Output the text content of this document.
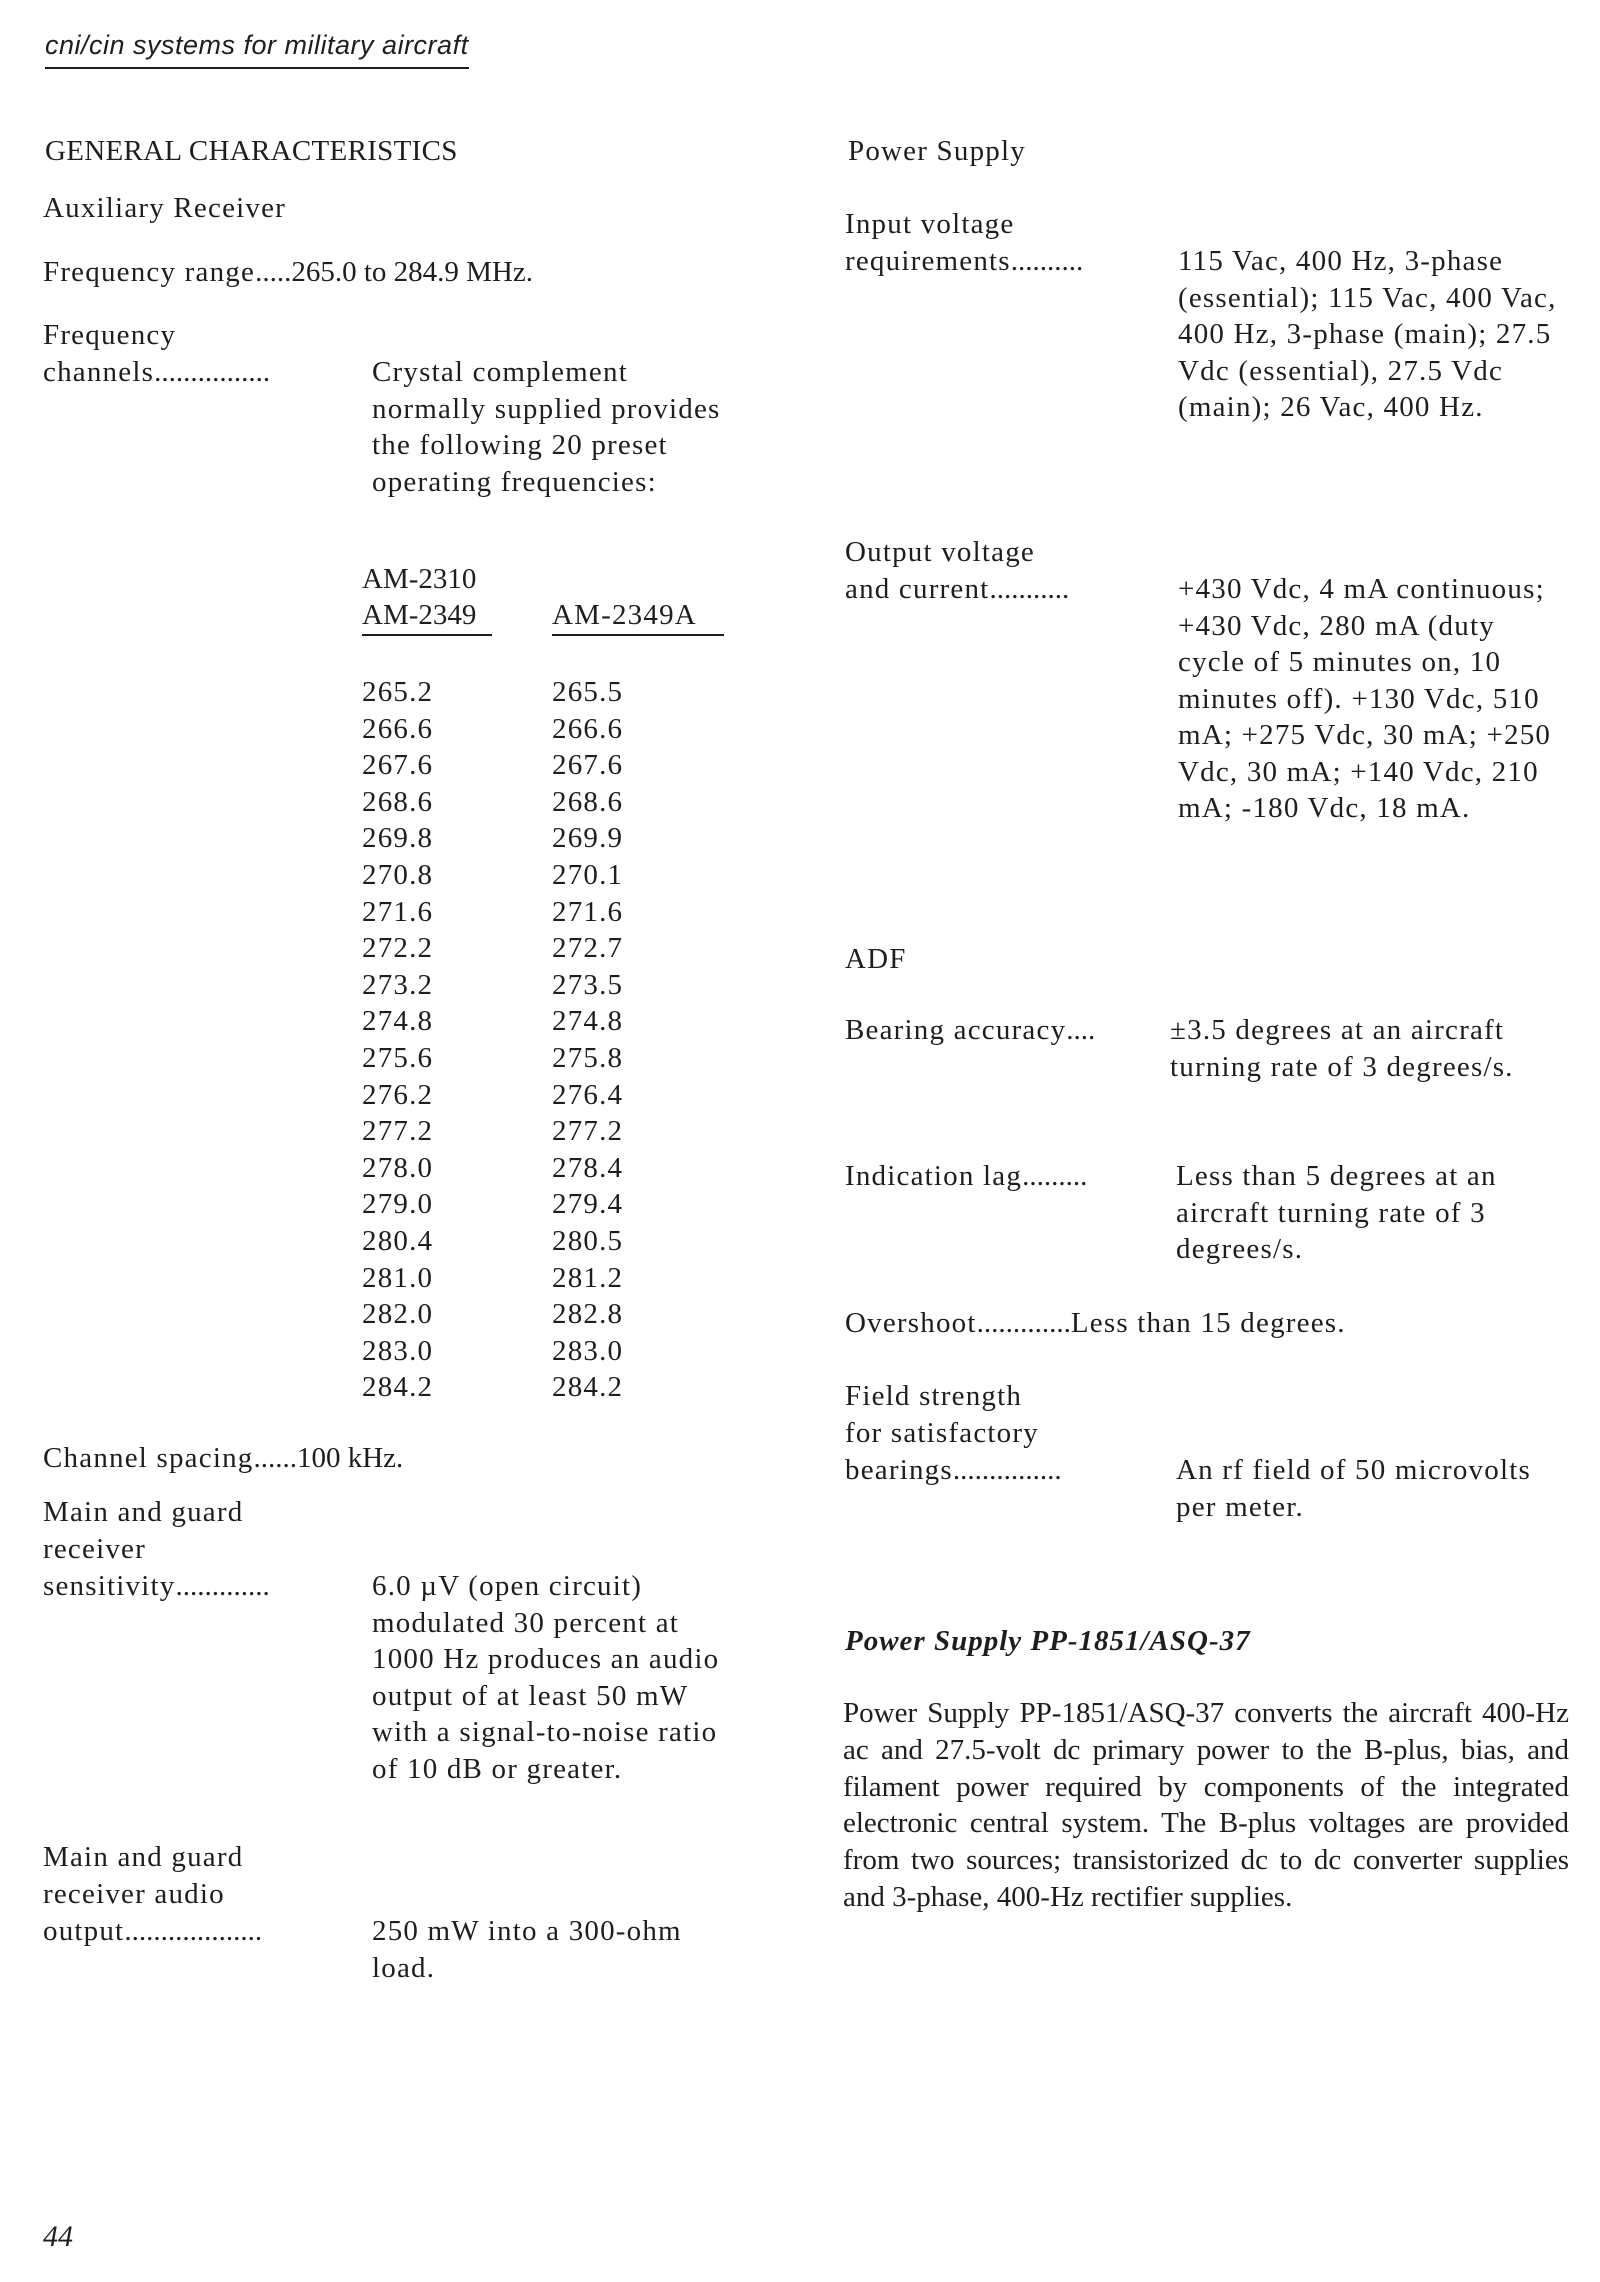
cni/cin systems for military aircraft
GENERAL CHARACTERISTICS
Auxiliary Receiver
Frequency range.....265.0 to 284.9 MHz.
Frequency
channels................	Crystal complement normally supplied provides the following 20 preset operating frequencies:
AM-2310
AM-2349	AM-2349A
265.2	265.5
266.6	266.6
267.6	267.6
268.6	268.6
269.8	269.9
270.8	270.1
271.6	271.6
272.2	272.7
273.2	273.5
274.8	274.8
275.6	275.8
276.2	276.4
277.2	277.2
278.0	278.4
279.0	279.4
280.4	280.5
281.0	281.2
282.0	282.8
283.0	283.0
284.2	284.2
Channel spacing......100 kHz.
Main and guard
receiver
sensitivity.............	6.0 µV (open circuit) modulated 30 percent at 1000 Hz produces an audio output of at least 50 mW with a signal-to-noise ratio of 10 dB or greater.
Main and guard
receiver audio
output...................	250 mW into a 300-ohm load.
Power Supply
Input voltage
requirements..........	115 Vac, 400 Hz, 3-phase (essential); 115 Vac, 400 Vac, 400 Hz, 3-phase (main); 27.5 Vdc (essential), 27.5 Vdc (main); 26 Vac, 400 Hz.
Output voltage
and current...........	+430 Vdc, 4 mA continuous; +430 Vdc, 280 mA (duty cycle of 5 minutes on, 10 minutes off). +130 Vdc, 510 mA; +275 Vdc, 30 mA; +250 Vdc, 30 mA; +140 Vdc, 210 mA; -180 Vdc, 18 mA.
ADF
Bearing accuracy....	±3.5 degrees at an aircraft turning rate of 3 degrees/s.
Indication lag.........	Less than 5 degrees at an aircraft turning rate of 3 degrees/s.
Overshoot.............Less than 15 degrees.
Field strength
for satisfactory
bearings...............	An rf field of 50 microvolts per meter.
Power Supply PP-1851/ASQ-37
Power Supply PP-1851/ASQ-37 converts the aircraft 400-Hz ac and 27.5-volt dc primary power to the B-plus, bias, and filament power required by components of the integrated electronic central system. The B-plus voltages are provided from two sources; transistorized dc to dc converter supplies and 3-phase, 400-Hz rectifier supplies.
44
